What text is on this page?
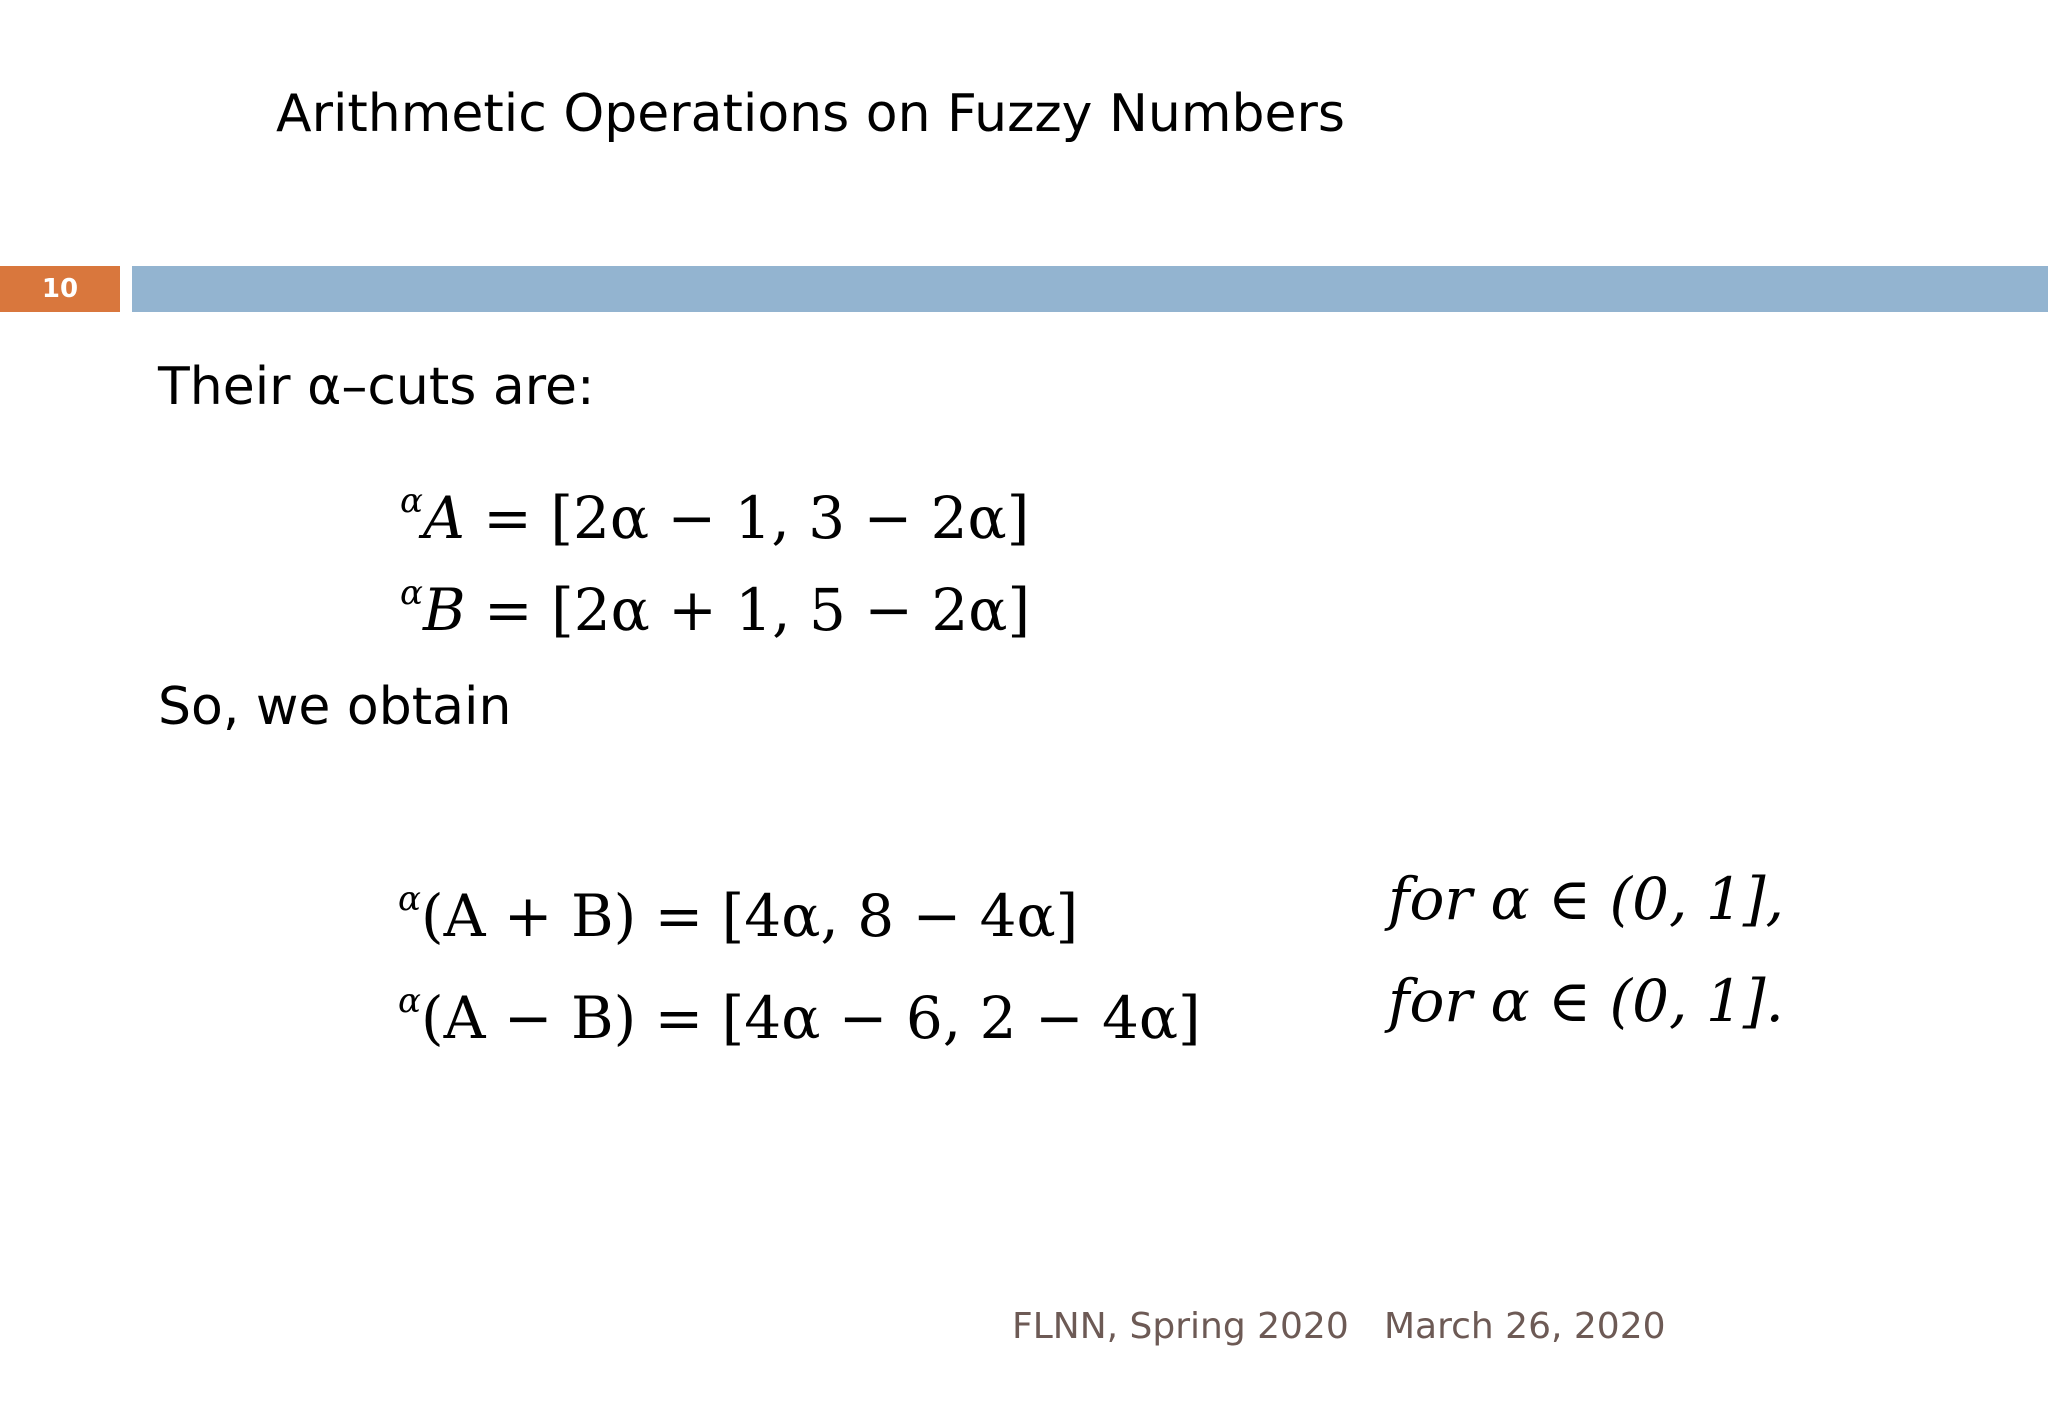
Arithmetic Operations on Fuzzy Numbers
10
Their α–cuts are:
$^\alpha$A = [2α − 1, 3 − 2α]
$^\alpha$B = [2α + 1, 5 − 2α]
So, we obtain
$^\alpha$(A + B) = [4α, 8 − 4α]	for α ∈ (0, 1],
$^\alpha$(A − B) = [4α − 6, 2 − 4α]	for α ∈ (0, 1].
FLNN, Spring 2020 March 26, 2020
